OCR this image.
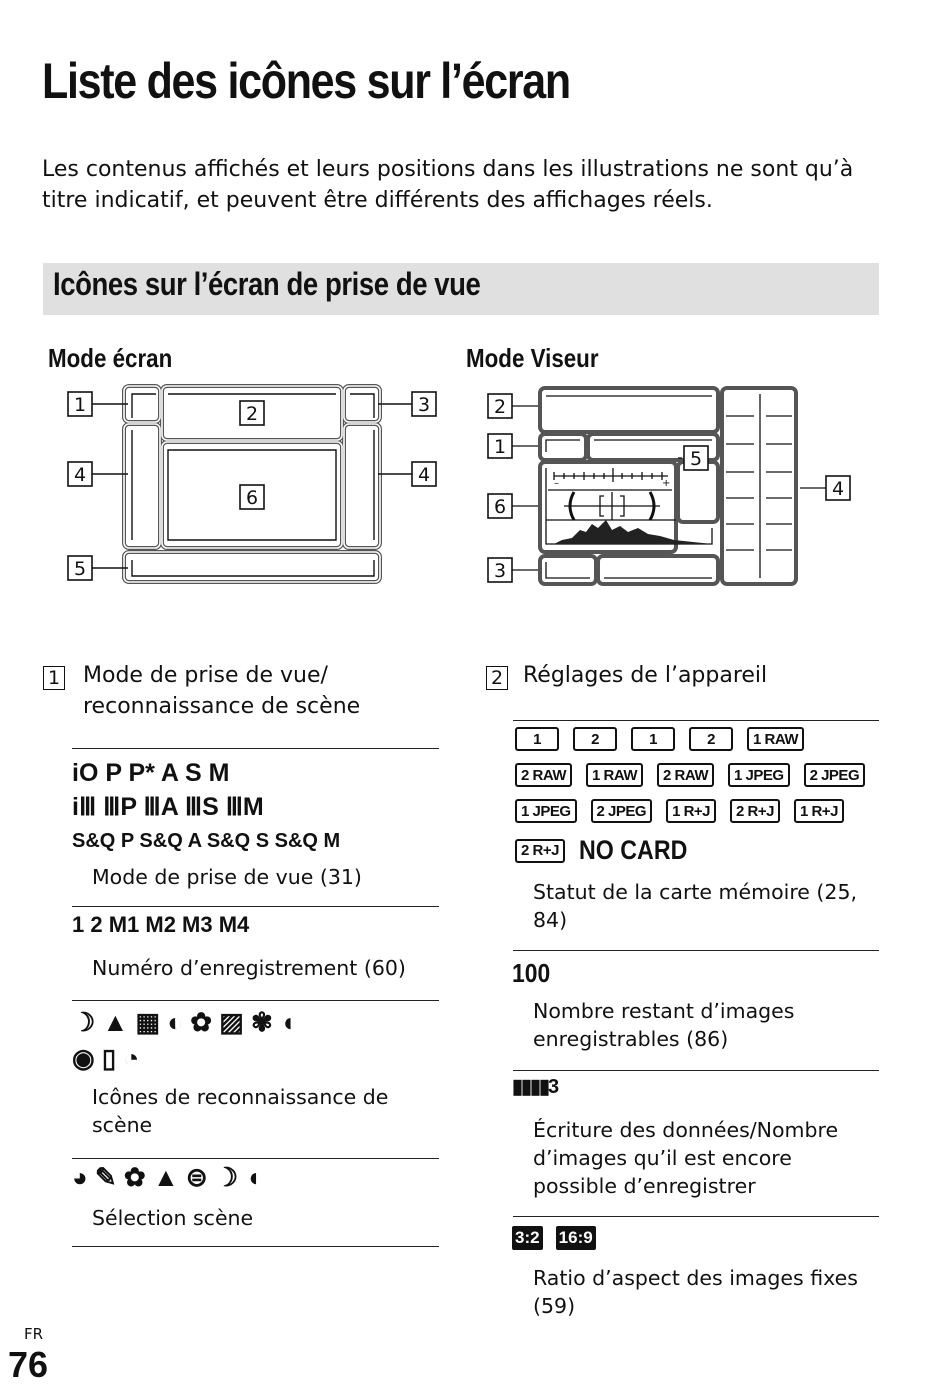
Liste des icônes sur l’écran
Les contenus affichés et leurs positions dans les illustrations ne sont qu’à titre indicatif, et peuvent être différents des affichages réels.
Icônes sur l’écran de prise de vue
Mode écran	Mode Viseur
1	2	3
4	4
5
6
2
1
5
4
6
3
–	+
1 Mode de prise de vue/ reconnaissance de scène
iO P P* A S M
iⅢ ⅢP ⅢA ⅢS ⅢM
S&Q P S&Q A S&Q S S&Q M
Mode de prise de vue (31)
1 2 M1 M2 M3 M4
Numéro d’enregistrement (60)
☽ ▲ ▦ ◐ ✿ ▨ ✾ ◖
◉ ▯ ◔
Icônes de reconnaissance de scène
◕ ✎ ✿ ▲ ⊜ ☽ ◖
Sélection scène
2 Réglages de l’appareil
1	2	1	2	1 RAW
2 RAW	1 RAW	2 RAW	1 JPEG	2 JPEG
1 JPEG	2 JPEG	1 R+J	2 R+J	1 R+J
2 R+J NO CARD
Statut de la carte mémoire (25, 84)
100
Nombre restant d’images enregistrables (86)
▮▮▮▮3
Écriture des données/Nombre d’images qu’il est encore possible d’enregistrer
3:2 16:9
Ratio d’aspect des images fixes (59)
FR
76
